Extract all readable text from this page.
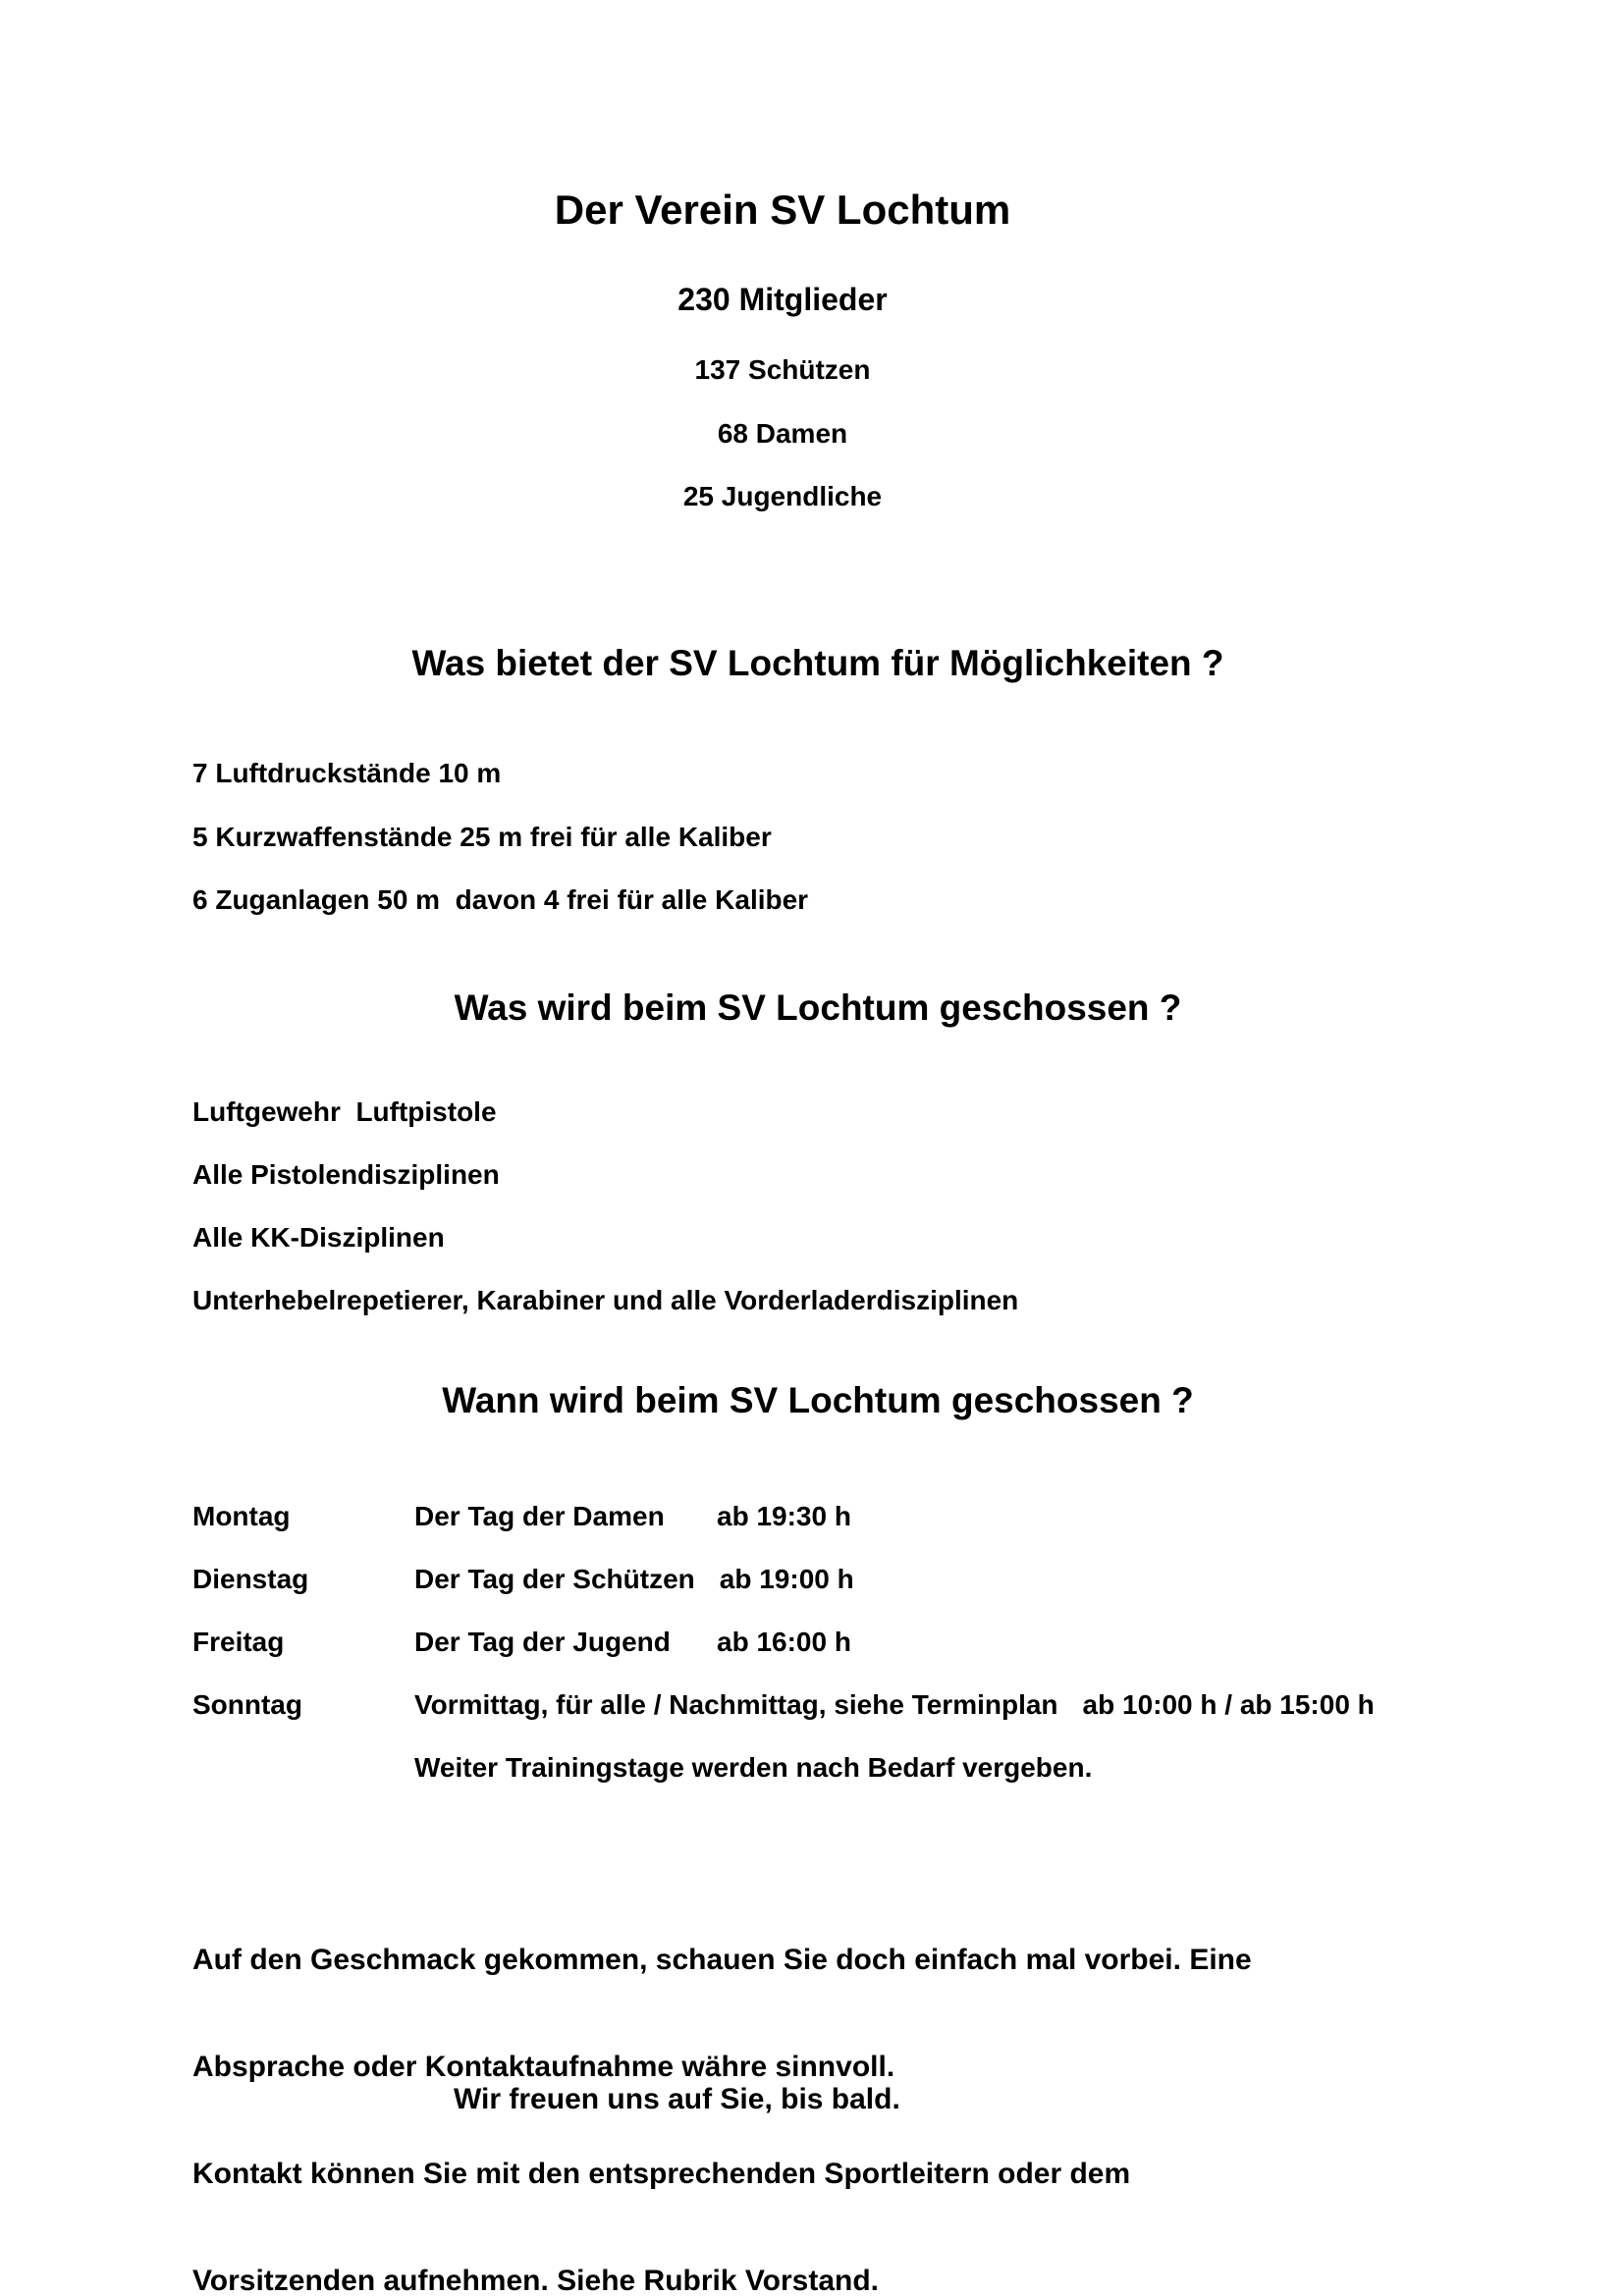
Der Verein SV Lochtum
230 Mitglieder
137 Schützen
68 Damen
25 Jugendliche
Was bietet der SV Lochtum für Möglichkeiten ?
7 Luftdruckstände 10 m
5 Kurzwaffenstände 25 m frei für alle Kaliber
6 Zuganlagen 50 m  davon 4 frei für alle Kaliber
Was wird beim SV Lochtum geschossen ?
Luftgewehr  Luftpistole
Alle Pistolendisziplinen
Alle KK-Disziplinen
Unterhebelrepetierer, Karabiner und alle Vorderladerdisziplinen
Wann wird beim SV Lochtum geschossen ?
Montag	Der Tag der Damen	ab 19:30 h
Dienstag	Der Tag der Schützen ab 19:00 h
Freitag	Der Tag der Jugend	ab 16:00 h
Sonntag	Vormittag, für alle / Nachmittag, siehe Terminplan ab 10:00 h / ab 15:00 h
Weiter Trainingstage werden nach Bedarf vergeben.

Auf den Geschmack gekommen, schauen Sie doch einfach mal vorbei. Eine

Absprache oder Kontaktaufnahme währe sinnvoll.

Kontakt können Sie mit den entsprechenden Sportleitern oder dem

Vorsitzenden aufnehmen. Siehe Rubrik Vorstand.

Wir freuen uns auf Sie, bis bald.
